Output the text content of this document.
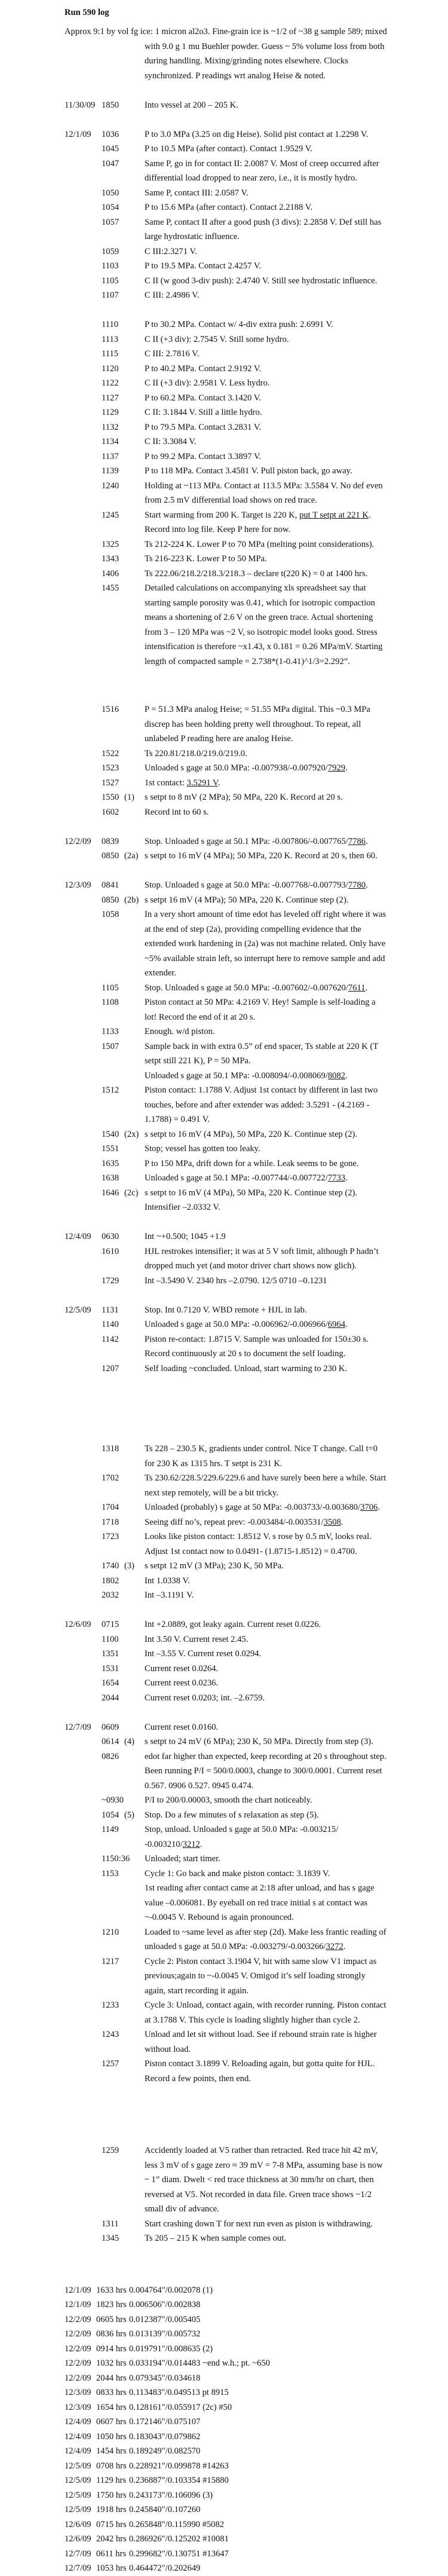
Run 590 log
Approx 9:1 by vol fg ice: 1 micron al2o3. Fine-grain ice is ~1/2 of ~38 g sample 589; mixed
with 9.0 g 1 mu Buehler powder. Guess ~ 5% volume loss from both during handling. Mixing/grinding notes elsewhere. Clocks synchronized. P readings wrt analog Heise & noted.
11/30/09 1850	Into vessel at 200 – 205 K.
12/1/09	1036	P to 3.0 MPa (3.25 on dig Heise). Solid pist contact at 1.2298 V.
1045	P to 10.5 MPa (after contact). Contact 1.9529 V.
1047	Same P, go in for contact II: 2.0087 V. Most of creep occurred after differential load dropped to near zero, i.e., it is mostly hydro.
1050	Same P, contact III: 2.0587 V.
1054	P to 15.6 MPa (after contact). Contact 2.2188 V.
1057	Same P, contact II after a good push (3 divs): 2.2858 V. Def still has large hydrostatic influence.
1059	C III:2.3271 V.
1103	P to 19.5 MPa. Contact 2.4257 V.
1105	C II (w good 3-div push): 2.4740 V. Still see hydrostatic influence.
1107	C III: 2.4986 V.
1110	P to 30.2 MPa. Contact w/ 4-div extra push: 2.6991 V.
1113	C II (+3 div): 2.7545 V. Still some hydro.
1115	C III: 2.7816 V.
1120	P to 40.2 MPa. Contact 2.9192 V.
1122	C II (+3 div): 2.9581 V. Less hydro.
1127	P to 60.2 MPa. Contact 3.1420 V.
1129	C II: 3.1844 V. Still a little hydro.
1132	P to 79.5 MPa. Contact 3.2831 V.
1134	C II: 3.3084 V.
1137	P to 99.2 MPa. Contact 3.3897 V.
1139	P to 118 MPa. Contact 3.4581 V. Pull piston back, go away.
1240	Holding at ~113 MPa. Contact at 113.5 MPa: 3.5584 V. No def even from 2.5 mV differential load shows on red trace.
1245	Start warming from 200 K. Target is 220 K, put T setpt at 221 K. Record into log file. Keep P here for now.
1325	Ts 212-224 K. Lower P to 70 MPa (melting point considerations).
1343	Ts 216-223 K. Lower P to 50 MPa.
1406	Ts 222.06/218.2/218.3/218.3 – declare t(220 K) = 0 at 1400 hrs.
1455	Detailed calculations on accompanying xls spreadsheet say that starting sample porosity was 0.41, which for isotropic compaction means a shortening of 2.6 V on the green trace. Actual shortening from 3 – 120 MPa was ~2 V, so isotropic model looks good. Stress intensification is therefore ~x1.43, x 0.181 = 0.26 MPa/mV. Starting length of compacted sample = 2.738*(1-0.41)^1/3=2.292”.
1516	P = 51.3 MPa analog Heise; = 51.55 MPa digital. This ~0.3 MPa discrep has been holding pretty well throughout. To repeat, all unlabeled P reading here are analog Heise.
1522	Ts 220.81/218.0/219.0/219.0.
1523	Unloaded s gage at 50.0 MPa: -0.007938/-0.007920/7929.
1527	1st contact: 3.5291 V.
1550 (1)	s setpt to 8 mV (2 MPa); 50 MPa, 220 K. Record at 20 s.
1602	Record int to 60 s.
12/2/09	0839	Stop. Unloaded s gage at 50.1 MPa: -0.007806/-0.007765/7786.
0850 (2a) s setpt to 16 mV (4 MPa); 50 MPa, 220 K. Record at 20 s, then 60.
12/3/09	0841	Stop. Unloaded s gage at 50.0 MPa: -0.007768/-0.007793/7780.
0850 (2b) s setpt 16 mV (4 MPa); 50 MPa, 220 K. Continue step (2).
1058	In a very short amount of time edot has leveled off right where it was at the end of step (2a), providing compelling evidence that the extended work hardening in (2a) was not machine related. Only have ~5% available strain left, so interrupt here to remove sample and add extender.
1105	Stop. Unloaded s gage at 50.0 MPa: -0.007602/-0.007620/7611.
1108	Piston contact at 50 MPa: 4.2169 V. Hey! Sample is self-loading a lot! Record the end of it at 20 s.
1133	Enough. w/d piston.
1507	Sample back in with extra 0.5” of end spacer, Ts stable at 220 K (T setpt still 221 K), P = 50 MPa.
Unloaded s gage at 50.1 MPa: -0.008094/-0.008069/8082.
1512	Piston contact: 1.1788 V. Adjust 1st contact by different in last two touches, before and after extender was added: 3.5291 - (4.2169 - 1.1788) = 0.491 V.
1540 (2x) s setpt to 16 mV (4 MPa), 50 MPa, 220 K. Continue step (2).
1551	Stop; vessel has gotten too leaky.
1635	P to 150 MPa, drift down for a while. Leak seems to be gone.
1638	Unloaded s gage at 50.1 MPa: -0.007744/-0.007722/7733.
1646 (2c) s setpt to 16 mV (4 MPa), 50 MPa, 220 K. Continue step (2). Intensifier –2.0332 V.
12/4/09	0630	Int ~+0.500; 1045 +1.9
1610	HJL restrokes intensifier; it was at 5 V soft limit, although P hadn’t dropped much yet (and motor driver chart shows now glich).
1729	Int –3.5490 V. 2340 hrs –2.0790. 12/5 0710 –0.1231
12/5/09	1131	Stop. Int 0.7120 V. WBD remote + HJL in lab.
1140	Unloaded s gage at 50.0 MPa: -0.006962/-0.006966/6964.
1142	Piston re-contact: 1.8715 V. Sample was unloaded for 150±30 s. Record continuously at 20 s to document the self loading.
1207	Self loading ~concluded. Unload, start warming to 230 K.
1318	Ts 228 – 230.5 K, gradients under control. Nice T change. Call t=0 for 230 K as 1315 hrs. T setpt is 231 K.
1702	Ts 230.62/228.5/229.6/229.6 and have surely been here a while. Start next step remotely, will be a bit tricky.
1704	Unloaded (probably) s gage at 50 MPa: -0.003733/-0.003680/3706.
1718	Seeing diff no’s, repeat prev: -0.003484/-0.003531/3508.
1723	Looks like piston contact: 1.8512 V. s rose by 0.5 mV, looks real. Adjust 1st contact now to 0.0491- (1.8715-1.8512) = 0.4700.
1740 (3)	s setpt 12 mV (3 MPa); 230 K, 50 MPa.
1802	Int 1.0338 V.
2032	Int –3.1191 V.
12/6/09	0715	Int +2.0889, got leaky again. Current reset 0.0226.
1100	Int 3.50 V. Current reset 2.45.
1351	Int –3.55 V. Current reset 0.0294.
1531	Current reset 0.0264.
1654	Current reest 0.0236.
2044	Current reset 0.0203; int. –2.6759.
12/7/09	0609	Current reset 0.0160.
0614 (4)	s setpt to 24 mV (6 MPa); 230 K, 50 MPa. Directly from step (3).
0826	edot far higher than expected, keep recording at 20 s throughout step.
Been running P/I = 500/0.0003, change to 300/0.0001. Current reset 0.567. 0906 0.527. 0945 0.474.
~0930 P/I to 200/0.00003, smooth the chart noticeably.
1054 (5)	Stop. Do a few minutes of s relaxation as step (5).
1149	Stop, unload. Unloaded s gage at 50.0 MPa: -0.003215/ -0.003210/3212.
1150:36 Unloaded; start timer.
1153	Cycle 1: Go back and make piston contact: 3.1839 V.
1st reading after contact came at 2:18 after unload, and has s gage value –0.006081. By eyeball on red trace initial s at contact was ~-0.0045 V. Rebound is again pronounced.
1210	Loaded to ~same level as after step (2d). Make less frantic reading of unloaded s gage at 50.0 MPa: -0.003279/-0.003266/3272.
1217	Cycle 2: Piston contact 3.1904 V, hit with same slow V1 impact as previous;again to ~-0.0045 V. Omigod it’s self loading strongly again, start recording it again.
1233	Cycle 3: Unload, contact again, with recorder running. Piston contact at 3.1788 V. This cycle is loading slightly higher than cycle 2.
1243	Unload and let sit without load. See if rebound strain rate is higher without load.
1257	Piston contact 3.1899 V. Reloading again, but gotta quite for HJL. Record a few points, then end.
1259	Accidently loaded at V5 rather than retracted. Red trace hit 42 mV, less 3 mV of s gage zero ≈ 39 mV = 7-8 MPa, assuming base is now ~ 1” diam. Dwelt < red trace thickness at 30 mm/hr on chart, then reversed at V5. Not recorded in data file. Green trace shows ~1/2 small div of advance.
1311	Start crashing down T for next run even as piston is withdrawing.
1345	Ts 205 – 215 K when sample comes out.
12/1/09 1633 hrs 0.004764"/0.002078 (1)
12/1/09 1823 hrs 0.006506"/0.002838
12/2/09 0605 hrs 0.012387"/0.005405
12/2/09 0836 hrs 0.013139"/0.005732
12/2/09 0914 hrs 0.019791"/0.008635 (2)
12/2/09 1032 hrs 0.033194"/0.014483 ~end w.h.; pt. ~650
12/2/09 2044 hrs 0.079345"/0.034618
12/3/09 0833 hrs 0.113483"/0.049513 pt 8915
12/3/09 1654 hrs 0.128161"/0.055917 (2c) #50
12/4/09 0607 hrs 0.172146"/0.075107
12/4/09 1050 hrs 0.183043"/0.079862
12/4/09 1454 hrs 0.189249"/0.082570
12/5/09 0708 hrs 0.228921"/0.099878 #14263
12/5/09 1129 hrs 0.236887"/0.103354 #15880
12/5/09 1750 hrs 0.243173"/0.106096 (3)
12/5/09 1918 hrs 0.245840"/0.107260
12/6/09 0715 hrs 0.265848"/0.115990 #5082
12/6/09 2042 hrs 0.286926"/0.125202 #10081
12/7/09 0611 hrs 0.299682"/0.130751 #13647
12/7/09 1053 hrs 0.464472"/0.202649
